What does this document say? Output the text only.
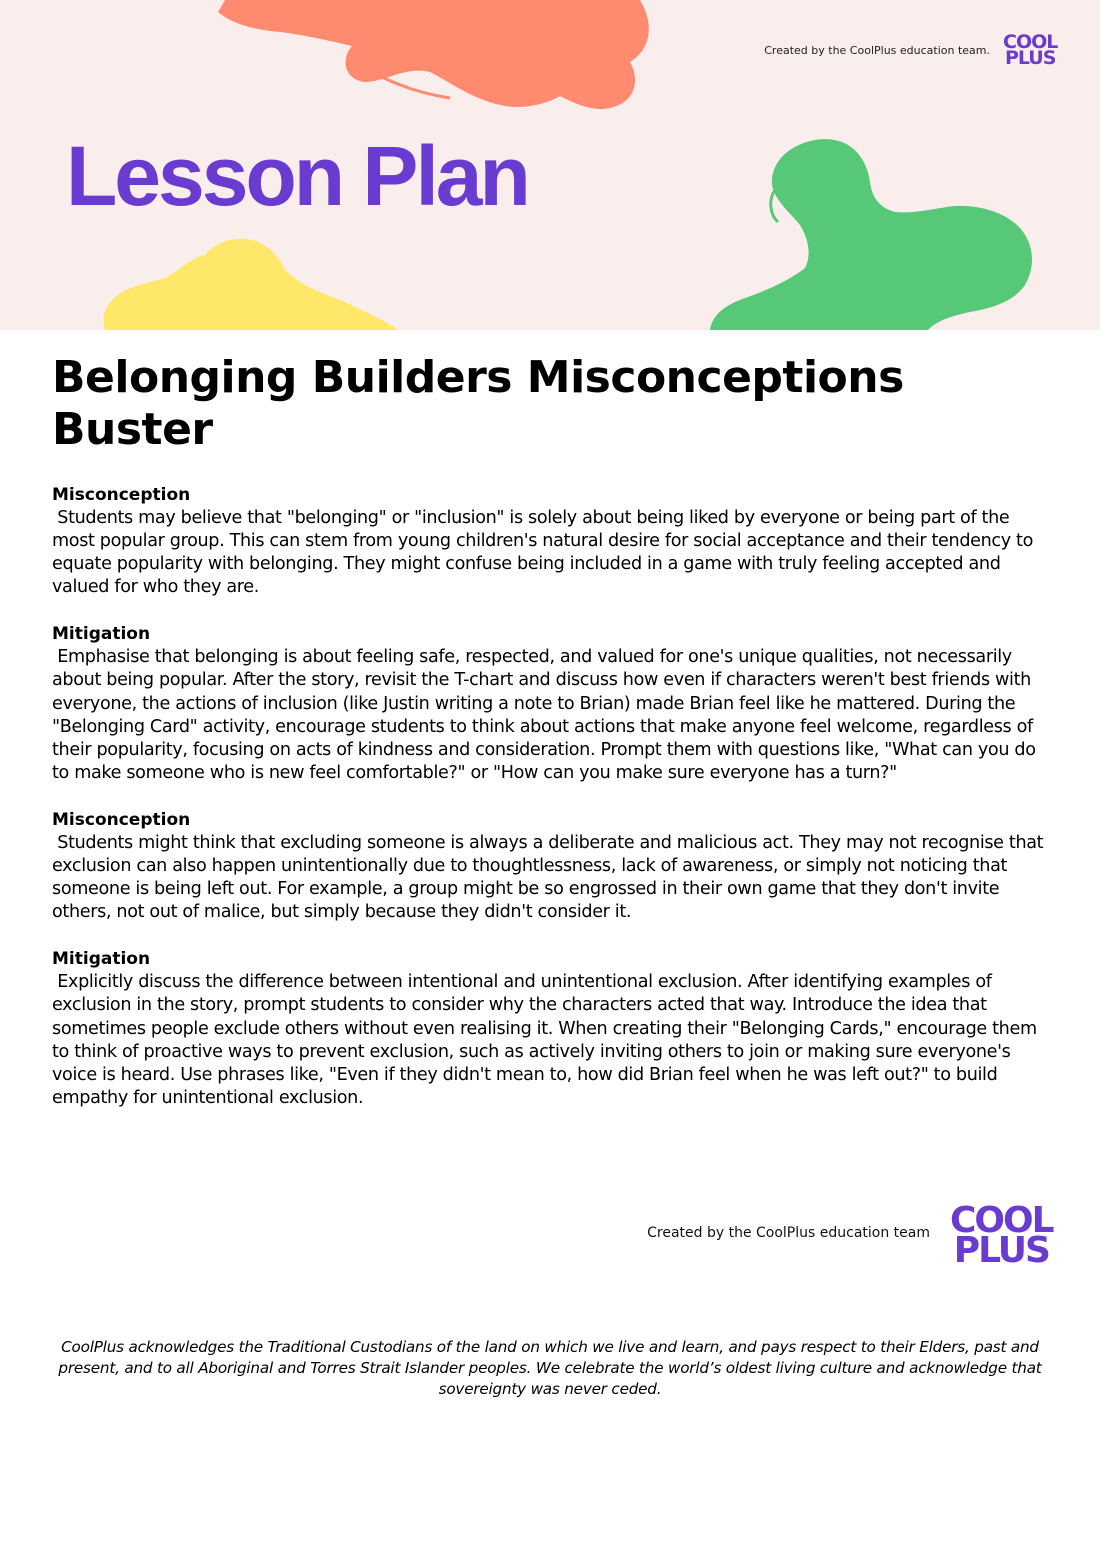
Created by the CoolPlus education team. COOL
PLUS
Lesson Plan
Belonging Builders Misconceptions Buster
Misconception

Students may believe that "belonging" or "inclusion" is solely about being liked by everyone or being part of the most popular group. This can stem from young children's natural desire for social acceptance and their tendency to equate popularity with belonging. They might confuse being included in a game with truly feeling accepted and valued for who they are.

Mitigation

Emphasise that belonging is about feeling safe, respected, and valued for one's unique qualities, not necessarily about being popular. After the story, revisit the T-chart and discuss how even if characters weren't best friends with everyone, the actions of inclusion (like Justin writing a note to Brian) made Brian feel like he mattered. During the "Belonging Card" activity, encourage students to think about actions that make anyone feel welcome, regardless of their popularity, focusing on acts of kindness and consideration. Prompt them with questions like, "What can you do to make someone who is new feel comfortable?" or "How can you make sure everyone has a turn?"

Misconception

Students might think that excluding someone is always a deliberate and malicious act. They may not recognise that exclusion can also happen unintentionally due to thoughtlessness, lack of awareness, or simply not noticing that someone is being left out. For example, a group might be so engrossed in their own game that they don't invite others, not out of malice, but simply because they didn't consider it.

Mitigation

Explicitly discuss the difference between intentional and unintentional exclusion. After identifying examples of exclusion in the story, prompt students to consider why the characters acted that way. Introduce the idea that sometimes people exclude others without even realising it. When creating their "Belonging Cards," encourage them to think of proactive ways to prevent exclusion, such as actively inviting others to join or making sure everyone's voice is heard. Use phrases like, "Even if they didn't mean to, how did Brian feel when he was left out?" to build empathy for unintentional exclusion.

Created by the CoolPlus education team COOL
PLUS

CoolPlus acknowledges the Traditional Custodians of the land on which we live and learn, and pays respect to their Elders, past and present, and to all Aboriginal and Torres Strait Islander peoples. We celebrate the world’s oldest living culture and acknowledge that sovereignty was never ceded.
